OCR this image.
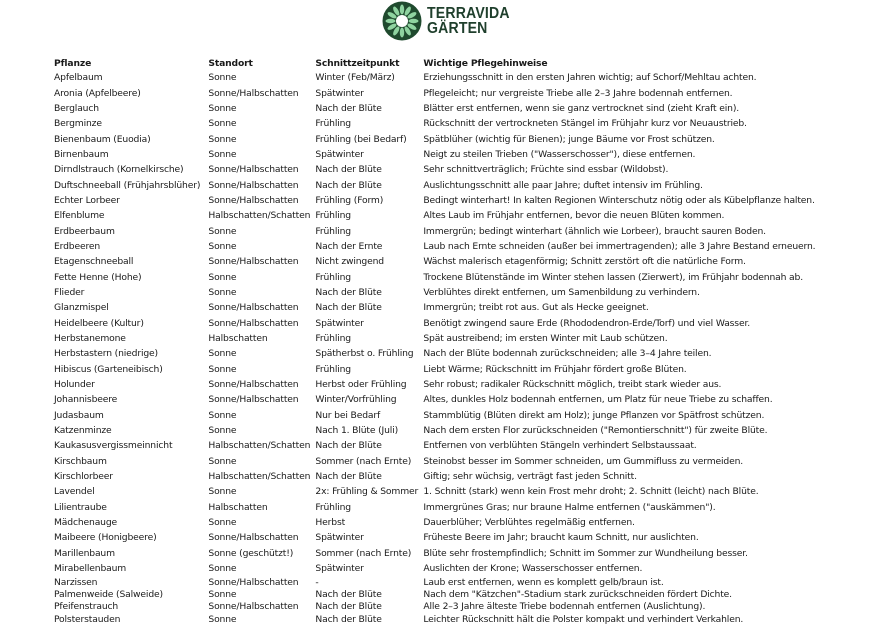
TERRAVIDA
GÄRTEN
Pflanze	Standort	Schnittzeitpunkt	Wichtige Pflegehinweise
Apfelbaum	Sonne	Winter (Feb/März)	Erziehungsschnitt in den ersten Jahren wichtig; auf Schorf/Mehltau achten.
Aronia (Apfelbeere)	Sonne/Halbschatten	Spätwinter	Pflegeleicht; nur vergreiste Triebe alle 2–3 Jahre bodennah entfernen.
Berglauch	Sonne	Nach der Blüte	Blätter erst entfernen, wenn sie ganz vertrocknet sind (zieht Kraft ein).
Bergminze	Sonne	Frühling	Rückschnitt der vertrockneten Stängel im Frühjahr kurz vor Neuaustrieb.
Bienenbaum (Euodia)	Sonne	Frühling (bei Bedarf)	Spätblüher (wichtig für Bienen); junge Bäume vor Frost schützen.
Birnenbaum	Sonne	Spätwinter	Neigt zu steilen Trieben ("Wasserschosser"), diese entfernen.
Dirndlstrauch (Kornelkirsche)	Sonne/Halbschatten	Nach der Blüte	Sehr schnittverträglich; Früchte sind essbar (Wildobst).
Duftschneeball (Frühjahrsblüher)	Sonne/Halbschatten	Nach der Blüte	Auslichtungsschnitt alle paar Jahre; duftet intensiv im Frühling.
Echter Lorbeer	Sonne/Halbschatten	Frühling (Form)	Bedingt winterhart! In kalten Regionen Winterschutz nötig oder als Kübelpflanze halten.
Elfenblume	Halbschatten/Schatten	Frühling	Altes Laub im Frühjahr entfernen, bevor die neuen Blüten kommen.
Erdbeerbaum	Sonne	Frühling	Immergrün; bedingt winterhart (ähnlich wie Lorbeer), braucht sauren Boden.
Erdbeeren	Sonne	Nach der Ernte	Laub nach Ernte schneiden (außer bei immertragenden); alle 3 Jahre Bestand erneuern.
Etagenschneeball	Sonne/Halbschatten	Nicht zwingend	Wächst malerisch etagenförmig; Schnitt zerstört oft die natürliche Form.
Fette Henne (Hohe)	Sonne	Frühling	Trockene Blütenstände im Winter stehen lassen (Zierwert), im Frühjahr bodennah ab.
Flieder	Sonne	Nach der Blüte	Verblühtes direkt entfernen, um Samenbildung zu verhindern.
Glanzmispel	Sonne/Halbschatten	Nach der Blüte	Immergrün; treibt rot aus. Gut als Hecke geeignet.
Heidelbeere (Kultur)	Sonne/Halbschatten	Spätwinter	Benötigt zwingend saure Erde (Rhododendron-Erde/Torf) und viel Wasser.
Herbstanemone	Halbschatten	Frühling	Spät austreibend; im ersten Winter mit Laub schützen.
Herbstastern (niedrige)	Sonne	Spätherbst o. Frühling	Nach der Blüte bodennah zurückschneiden; alle 3–4 Jahre teilen.
Hibiscus (Garteneibisch)	Sonne	Frühling	Liebt Wärme; Rückschnitt im Frühjahr fördert große Blüten.
Holunder	Sonne/Halbschatten	Herbst oder Frühling	Sehr robust; radikaler Rückschnitt möglich, treibt stark wieder aus.
Johannisbeere	Sonne/Halbschatten	Winter/Vorfrühling	Altes, dunkles Holz bodennah entfernen, um Platz für neue Triebe zu schaffen.
Judasbaum	Sonne	Nur bei Bedarf	Stammblütig (Blüten direkt am Holz); junge Pflanzen vor Spätfrost schützen.
Katzenminze	Sonne	Nach 1. Blüte (Juli)	Nach dem ersten Flor zurückschneiden ("Remontierschnitt") für zweite Blüte.
Kaukasusvergissmeinnicht	Halbschatten/Schatten	Nach der Blüte	Entfernen von verblühten Stängeln verhindert Selbstaussaat.
Kirschbaum	Sonne	Sommer (nach Ernte)	Steinobst besser im Sommer schneiden, um Gummifluss zu vermeiden.
Kirschlorbeer	Halbschatten/Schatten	Nach der Blüte	Giftig; sehr wüchsig, verträgt fast jeden Schnitt.
Lavendel	Sonne	2x: Frühling & Sommer	1. Schnitt (stark) wenn kein Frost mehr droht; 2. Schnitt (leicht) nach Blüte.
Lilientraube	Halbschatten	Frühling	Immergrünes Gras; nur braune Halme entfernen ("auskämmen").
Mädchenauge	Sonne	Herbst	Dauerblüher; Verblühtes regelmäßig entfernen.
Maibeere (Honigbeere)	Sonne/Halbschatten	Spätwinter	Früheste Beere im Jahr; braucht kaum Schnitt, nur auslichten.
Marillenbaum	Sonne (geschützt!)	Sommer (nach Ernte)	Blüte sehr frostempfindlich; Schnitt im Sommer zur Wundheilung besser.
Mirabellenbaum	Sonne	Spätwinter	Auslichten der Krone; Wasserschosser entfernen.
Narzissen	Sonne/Halbschatten	-	Laub erst entfernen, wenn es komplett gelb/braun ist.
Palmenweide (Salweide)	Sonne	Nach der Blüte	Nach dem "Kätzchen"-Stadium stark zurückschneiden fördert Dichte.
Pfeifenstrauch	Sonne/Halbschatten	Nach der Blüte	Alle 2–3 Jahre älteste Triebe bodennah entfernen (Auslichtung).
Polsterstauden	Sonne	Nach der Blüte	Leichter Rückschnitt hält die Polster kompakt und verhindert Verkahlen.
